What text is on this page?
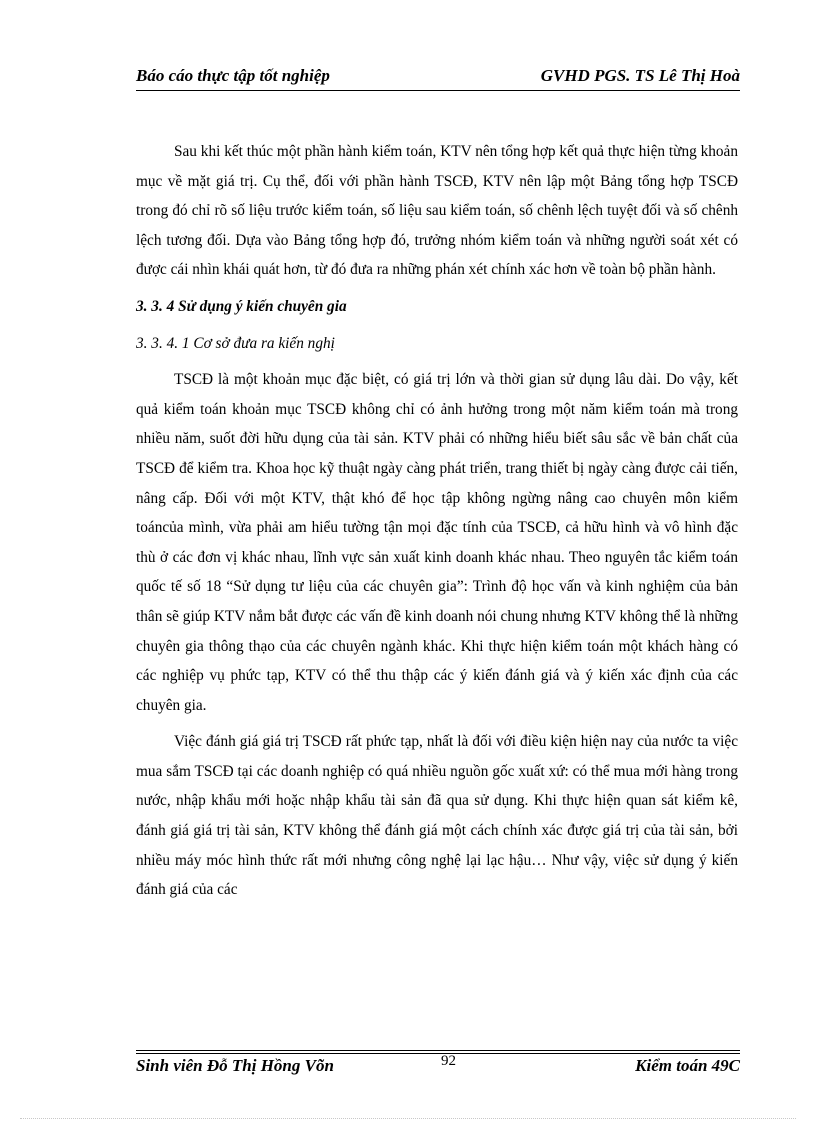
Báo cáo thực tập tốt nghiệp	GVHD PGS. TS Lê Thị Hoà

Sau khi kết thúc một phần hành kiểm toán, KTV nên tổng hợp kết quả thực hiện từng khoản mục về mặt giá trị. Cụ thể, đối với phần hành TSCĐ, KTV nên lập một Bảng tổng hợp TSCĐ trong đó chỉ rõ số liệu trước kiểm toán, số liệu sau kiểm toán, số chênh lệch tuyệt đối và số chênh lệch tương đối. Dựa vào Bảng tổng hợp đó, trưởng nhóm kiểm toán và những người soát xét có được cái nhìn khái quát hơn, từ đó đưa ra những phán xét chính xác hơn về toàn bộ phần hành.

3. 3. 4 Sử dụng ý kiến chuyên gia

3. 3. 4. 1 Cơ sở đưa ra kiến nghị

TSCĐ là một khoản mục đặc biệt, có giá trị lớn và thời gian sử dụng lâu dài. Do vậy, kết quả kiểm toán khoản mục TSCĐ không chỉ có ảnh hưởng trong một năm kiểm toán mà trong nhiều năm, suốt đời hữu dụng của tài sản. KTV phải có những hiểu biết sâu sắc về bản chất của TSCĐ để kiểm tra. Khoa học kỹ thuật ngày càng phát triển, trang thiết bị ngày càng được cải tiến, nâng cấp. Đối với một KTV, thật khó để học tập không ngừng nâng cao chuyên môn kiểm toáncủa mình, vừa phải am hiểu tường tận mọi đặc tính của TSCĐ, cả hữu hình và vô hình đặc thù ở các đơn vị khác nhau, lĩnh vực sản xuất kinh doanh khác nhau. Theo nguyên tắc kiểm toán quốc tế số 18 “Sử dụng tư liệu của các chuyên gia”: Trình độ học vấn và kinh nghiệm của bản thân sẽ giúp KTV nắm bắt được các vấn đề kinh doanh nói chung nhưng KTV không thể là những chuyên gia thông thạo của các chuyên ngành khác. Khi thực hiện kiểm toán một khách hàng có các nghiệp vụ phức tạp, KTV có thể thu thập các ý kiến đánh giá và ý kiến xác định của các chuyên gia.

Việc đánh giá giá trị TSCĐ rất phức tạp, nhất là đối với điều kiện hiện nay của nước ta việc mua sắm TSCĐ tại các doanh nghiệp có quá nhiều nguồn gốc xuất xứ: có thể mua mới hàng trong nước, nhập khẩu mới hoặc nhập khẩu tài sản đã qua sử dụng. Khi thực hiện quan sát kiểm kê, đánh giá giá trị tài sản, KTV không thể đánh giá một cách chính xác được giá trị của tài sản, bởi nhiều máy móc hình thức rất mới nhưng công nghệ lại lạc hậu… Như vậy, việc sử dụng ý kiến đánh giá của các

Sinh viên Đỗ Thị Hồng Võn	92	Kiểm toán 49C
